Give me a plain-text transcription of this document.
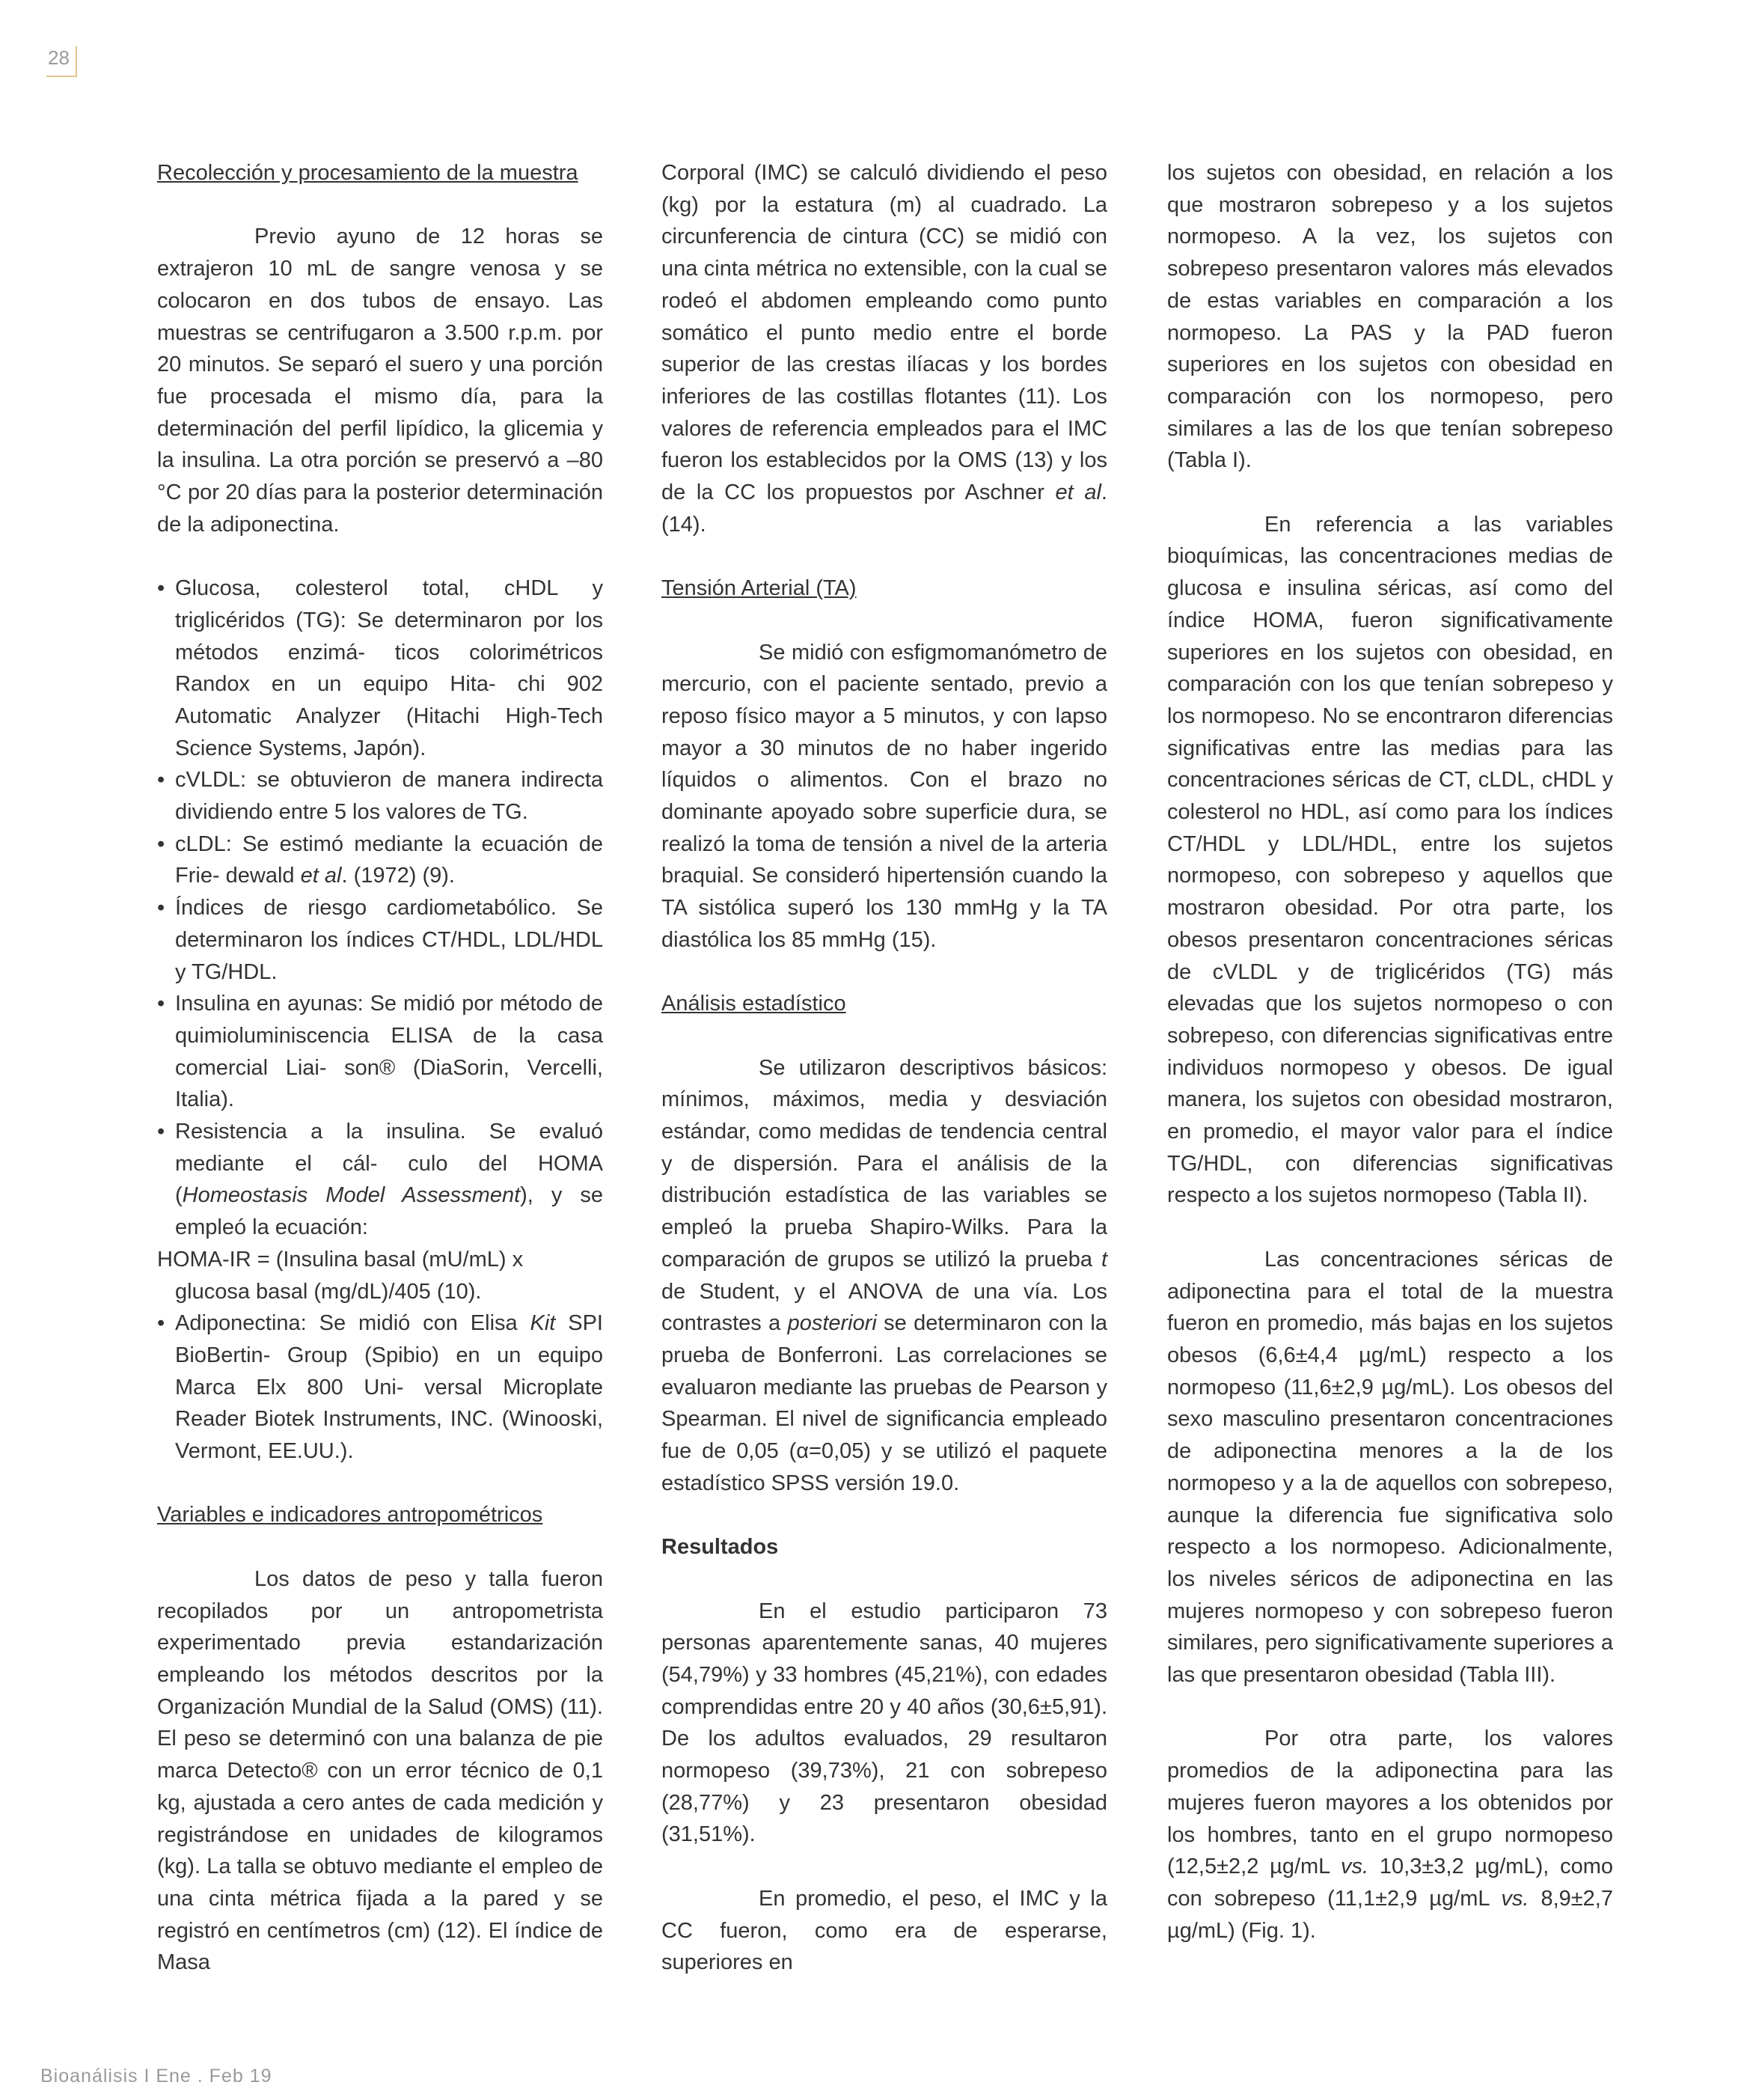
28
Recolección y procesamiento de la muestra

Previo ayuno de 12 horas se extrajeron 10 mL de sangre venosa y se colocaron en dos tubos de ensayo. Las muestras se centrifugaron a 3.500 r.p.m. por 20 minutos. Se separó el suero y una porción fue procesada el mismo día, para la determinación del perfil lipídico, la glicemia y la insulina. La otra porción se preservó a –80 °C por 20 días para la posterior determinación de la adiponectina.

• Glucosa, colesterol total, cHDL y triglicéridos (TG): Se determinaron por los métodos enzimá- ticos colorimétricos Randox en un equipo Hita- chi 902 Automatic Analyzer (Hitachi High-Tech Science Systems, Japón).
• cVLDL: se obtuvieron de manera indirecta dividiendo entre 5 los valores de TG.
• cLDL: Se estimó mediante la ecuación de Frie- dewald et al. (1972) (9).
• Índices de riesgo cardiometabólico. Se determinaron los índices CT/HDL, LDL/HDL y TG/HDL.
• Insulina en ayunas: Se midió por método de quimioluminiscencia ELISA de la casa comercial Liai- son® (DiaSorin, Vercelli, Italia).
• Resistencia a la insulina. Se evaluó mediante el cál- culo del HOMA (Homeostasis Model Assessment), y se empleó la ecuación:
HOMA-IR = (Insulina basal (mU/mL) x
glucosa basal (mg/dL)/405 (10).
• Adiponectina: Se midió con Elisa Kit SPI BioBertin- Group (Spibio) en un equipo Marca Elx 800 Uni- versal Microplate Reader Biotek Instruments, INC. (Winooski, Vermont, EE.UU.).
Variables e indicadores antropométricos

Los datos de peso y talla fueron recopilados por un antropometrista experimentado previa estandarización empleando los métodos descritos por la Organización Mundial de la Salud (OMS) (11). El peso se determinó con una balanza de pie marca Detecto® con un error técnico de 0,1 kg, ajustada a cero antes de cada medición y registrándose en unidades de kilogramos (kg). La talla se obtuvo mediante el empleo de una cinta métrica fijada a la pared y se registró en centímetros (cm) (12). El índice de Masa

Corporal (IMC) se calculó dividiendo el peso (kg) por la estatura (m) al cuadrado. La circunferencia de cintura (CC) se midió con una cinta métrica no extensible, con la cual se rodeó el abdomen empleando como punto somático el punto medio entre el borde superior de las crestas ilíacas y los bordes inferiores de las costillas flotantes (11). Los valores de referencia empleados para el IMC fueron los establecidos por la OMS (13) y los de la CC los propuestos por Aschner et al. (14).

Tensión Arterial (TA)

Se midió con esfigmomanómetro de mercurio, con el paciente sentado, previo a reposo físico mayor a 5 minutos, y con lapso mayor a 30 minutos de no haber ingerido líquidos o alimentos. Con el brazo no dominante apoyado sobre superficie dura, se realizó la toma de tensión a nivel de la arteria braquial. Se consideró hipertensión cuando la TA sistólica superó los 130 mmHg y la TA diastólica los 85 mmHg (15).

Análisis estadístico

Se utilizaron descriptivos básicos: mínimos, máximos, media y desviación estándar, como medidas de tendencia central y de dispersión. Para el análisis de la distribución estadística de las variables se empleó la prueba Shapiro-Wilks. Para la comparación de grupos se utilizó la prueba t de Student, y el ANOVA de una vía. Los contrastes a posteriori se determinaron con la prueba de Bonferroni. Las correlaciones se evaluaron mediante las pruebas de Pearson y Spearman. El nivel de significancia empleado fue de 0,05 (α=0,05) y se utilizó el paquete estadístico SPSS versión 19.0.

Resultados

En el estudio participaron 73 personas aparentemente sanas, 40 mujeres (54,79%) y 33 hombres (45,21%), con edades comprendidas entre 20 y 40 años (30,6±5,91). De los adultos evaluados, 29 resultaron normopeso (39,73%), 21 con sobrepeso (28,77%) y 23 presentaron obesidad (31,51%).

En promedio, el peso, el IMC y la CC fueron, como era de esperarse, superiores en

los sujetos con obesidad, en relación a los que mostraron sobrepeso y a los sujetos normopeso. A la vez, los sujetos con sobrepeso presentaron valores más elevados de estas variables en comparación a los normopeso. La PAS y la PAD fueron superiores en los sujetos con obesidad en comparación con los normopeso, pero similares a las de los que tenían sobrepeso (Tabla I).

En referencia a las variables bioquímicas, las concentraciones medias de glucosa e insulina séricas, así como del índice HOMA, fueron significativamente superiores en los sujetos con obesidad, en comparación con los que tenían sobrepeso y los normopeso. No se encontraron diferencias significativas entre las medias para las concentraciones séricas de CT, cLDL, cHDL y colesterol no HDL, así como para los índices CT/HDL y LDL/HDL, entre los sujetos normopeso, con sobrepeso y aquellos que mostraron obesidad. Por otra parte, los obesos presentaron concentraciones séricas de cVLDL y de triglicéridos (TG) más elevadas que los sujetos normopeso o con sobrepeso, con diferencias significativas entre individuos normopeso y obesos. De igual manera, los sujetos con obesidad mostraron, en promedio, el mayor valor para el índice TG/HDL, con diferencias significativas respecto a los sujetos normopeso (Tabla II).

Las concentraciones séricas de adiponectina para el total de la muestra fueron en promedio, más bajas en los sujetos obesos (6,6±4,4 µg/mL) respecto a los normopeso (11,6±2,9 µg/mL). Los obesos del sexo masculino presentaron concentraciones de adiponectina menores a la de los normopeso y a la de aquellos con sobrepeso, aunque la diferencia fue significativa solo respecto a los normopeso. Adicionalmente, los niveles séricos de adiponectina en las mujeres normopeso y con sobrepeso fueron similares, pero significativamente superiores a las que presentaron obesidad (Tabla III).

Por otra parte, los valores promedios de la adiponectina para las mujeres fueron mayores a los obtenidos por los hombres, tanto en el grupo normopeso (12,5±2,2 µg/mL vs. 10,3±3,2 µg/mL), como con sobrepeso (11,1±2,9 µg/mL vs. 8,9±2,7 µg/mL) (Fig. 1).

Bioanálisis I Ene . Feb 19
